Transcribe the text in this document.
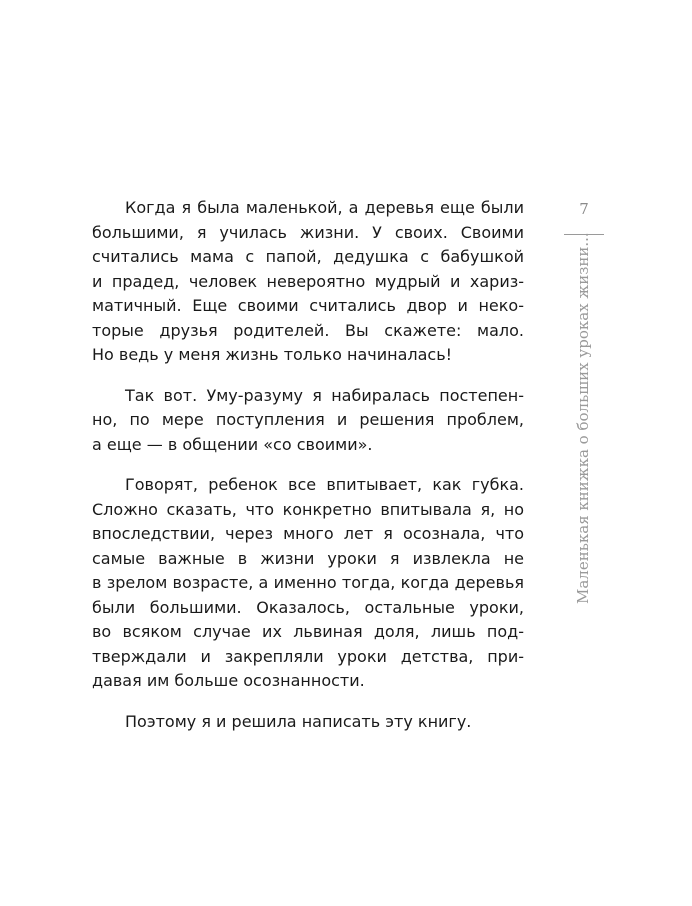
Когда я была маленькой, а деревья еще были
большими, я училась жизни. У своих. Своими
считались мама с папой, дедушка с бабушкой
и прадед, человек невероятно мудрый и хариз-
матичный. Еще своими считались двор и неко-
торые друзья родителей. Вы скажете: мало.
Но ведь у меня жизнь только начиналась!
Так вот. Уму-разуму я набиралась постепен-
но, по мере поступления и решения проблем,
а еще — в общении «со своими».
Говорят, ребенок все впитывает, как губка.
Сложно сказать, что конкретно впитывала я, но
впоследствии, через много лет я осознала, что
самые важные в жизни уроки я извлекла не
в зрелом возрасте, а именно тогда, когда деревья
были большими. Оказалось, остальные уроки,
во всяком случае их львиная доля, лишь под-
тверждали и закрепляли уроки детства, при-
давая им больше осознанности.
Поэтому я и решила написать эту книгу.
7
Маленькая книжка о больших уроках жизни...
